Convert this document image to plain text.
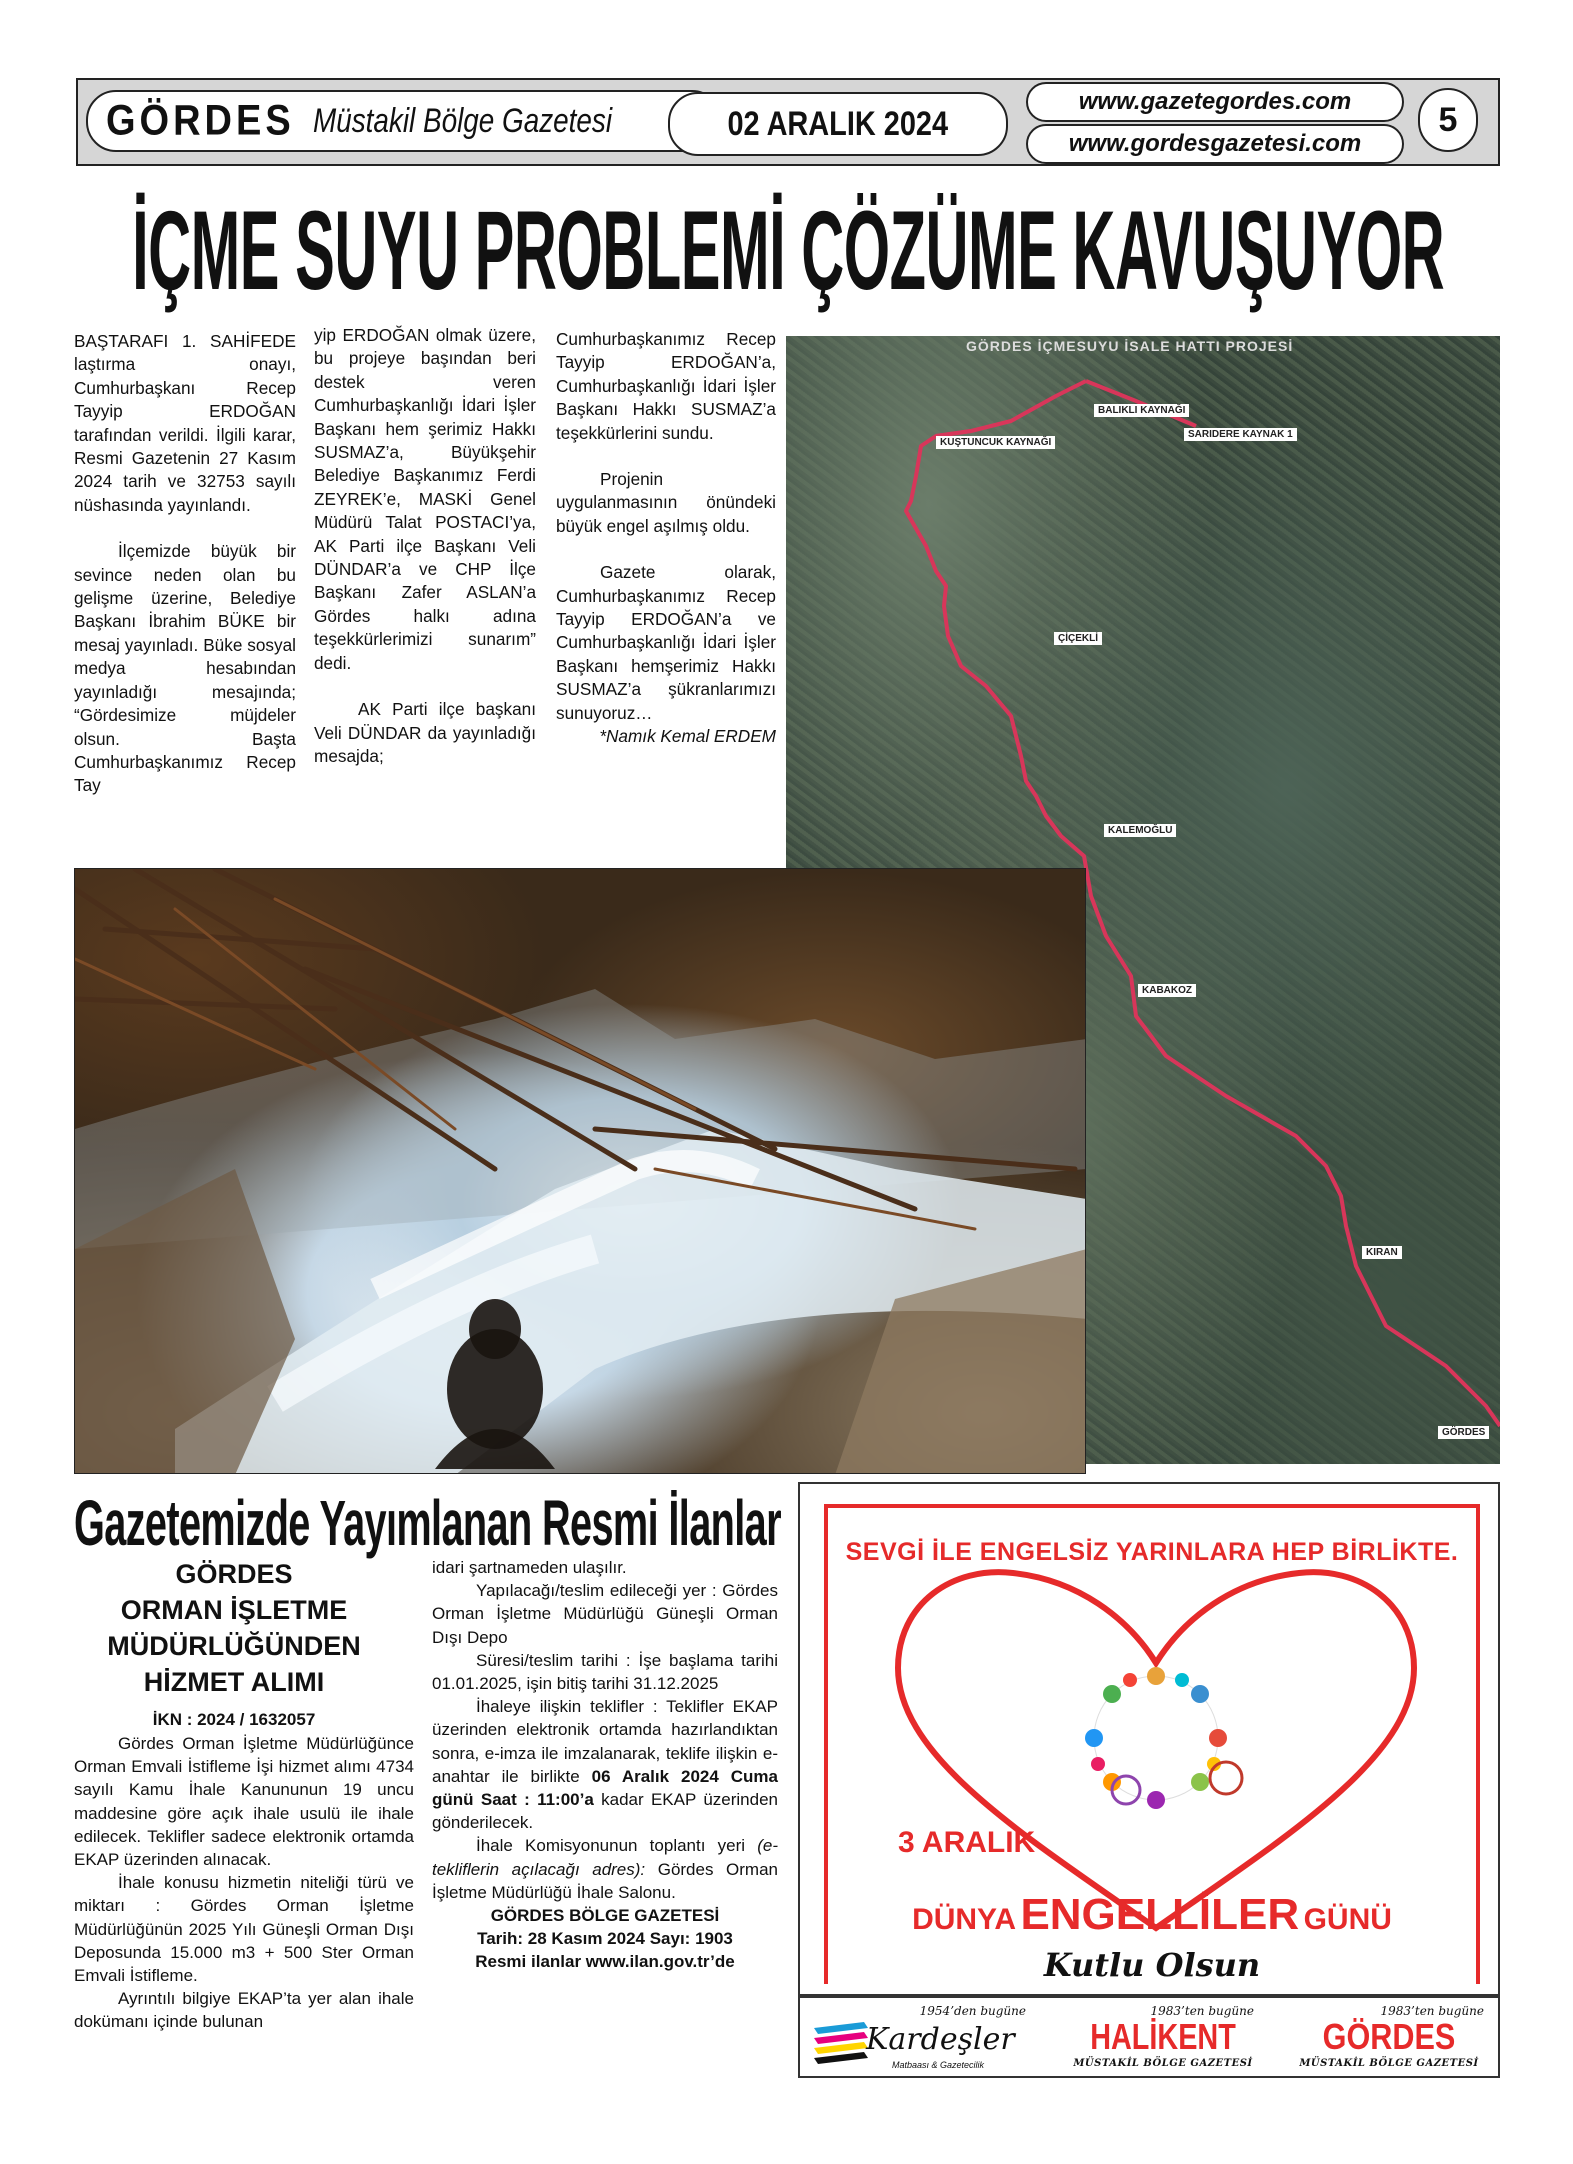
GÖRDES Müstakil Bölge Gazetesi	02 ARALIK 2024
www.gazetegordes.com
www.gordesgazetesi.com
5
İÇME SUYU PROBLEMİ ÇÖZÜME KAVUŞUYOR

BAŞTARAFI 1. SAHİFEDE laştırma onayı, Cumhurbaşkanı Recep Tayyip ERDOĞAN tarafından verildi. İlgili karar, Resmi Gazetenin 27 Kasım 2024 tarih ve 32753 sayılı nüshasında yayınlandı.

İlçemizde büyük bir sevince neden olan bu gelişme üzerine, Belediye Başkanı İbrahim BÜKE bir mesaj yayınladı. Büke sosyal medya hesabından yayınladığı mesajında; “Gördesimize müjdeler olsun. Başta Cumhurbaşkanımız Recep Tay

yip ERDOĞAN olmak üzere, bu projeye başından beri destek veren Cumhurbaşkanlığı İdari İşler Başkanı hem şerimiz Hakkı SUSMAZ’a, Büyükşehir Belediye Başkanımız Ferdi ZEYREK’e, MASKİ Genel Müdürü Talat POSTACI’ya, AK Parti ilçe Başkanı Veli DÜNDAR’a ve CHP İlçe Başkanı Zafer ASLAN’a Gördes halkı adına teşekkürlerimizi sunarım” dedi.

AK Parti ilçe başkanı Veli DÜNDAR da yayınladığı mesajda;

Cumhurbaşkanımız Recep Tayyip ERDOĞAN’a, Cumhurbaşkanlığı İdari İşler Başkanı Hakkı SUSMAZ’a teşekkürlerini sundu.

Projenin uygulanmasının önündeki büyük engel aşılmış oldu.

Gazete olarak, Cumhurbaşkanımız Recep Tayyip ERDOĞAN’a ve Cumhurbaşkanlığı İdari İşler Başkanı hemşerimiz Hakkı SUSMAZ’a şükranlarımızı sunuyoruz…

*Namık Kemal ERDEM

GÖRDES İÇMESUYU İSALE HATTI PROJESİ
BALIKLI KAYNAĞI
SARIDERE KAYNAK 1
KUŞTUNCUK KAYNAĞI
ÇİÇEKLİ
KALEMOĞLU
KABAKOZ
KIRAN
GÖRDES
Gazetemizde Yayımlanan Resmi İlanlar
GÖRDES
ORMAN İŞLETME
MÜDÜRLÜĞÜNDEN
HİZMET ALIMI
İKN : 2024 / 1632057

Gördes Orman İşletme Müdürlüğünce Orman Emvali İstifleme İşi hizmet alımı 4734 sayılı Kamu İhale Kanununun 19 uncu maddesine göre açık ihale usulü ile ihale edilecek. Teklifler sadece elektronik ortamda EKAP üzerinden alınacak.

İhale konusu hizmetin niteliği türü ve miktarı : Gördes Orman İşletme Müdürlüğünün 2025 Yılı Güneşli Orman Dışı Deposunda 15.000 m3 + 500 Ster Orman Emvali İstifleme.

Ayrıntılı bilgiye EKAP’ta yer alan ihale dokümanı içinde bulunan

idari şartnameden ulaşılır.

Yapılacağı/teslim edileceği yer : Gördes Orman İşletme Müdürlüğü Güneşli Orman Dışı Depo

Süresi/teslim tarihi : İşe başlama tarihi 01.01.2025, işin bitiş tarihi 31.12.2025

İhaleye ilişkin teklifler : Teklifler EKAP üzerinden elektronik ortamda hazırlandıktan sonra, e-imza ile imzalanarak, teklife ilişkin e-anahtar ile birlikte 06 Aralık 2024 Cuma günü Saat : 11:00’a kadar EKAP üzerinden gönderilecek.

İhale Komisyonunun toplantı yeri (e- tekliflerin açılacağı adres): Gördes Orman İşletme Müdürlüğü İhale Salonu.

GÖRDES BÖLGE GAZETESİ

Tarih: 28 Kasım 2024 Sayı: 1903

Resmi ilanlar www.ilan.gov.tr’de

SEVGİ İLE ENGELSİZ YARINLARA HEP BİRLİKTE.
3 ARALIK
DÜNYA ENGELLİLER GÜNÜ
Kutlu Olsun
1954’den bugüne
Kardeşler
Matbaası & Gazetecilik
1983’ten bugüne
HALİKENT
MÜSTAKİL BÖLGE GAZETESİ
1983’ten bugüne
GÖRDES
MÜSTAKİL BÖLGE GAZETESİ
